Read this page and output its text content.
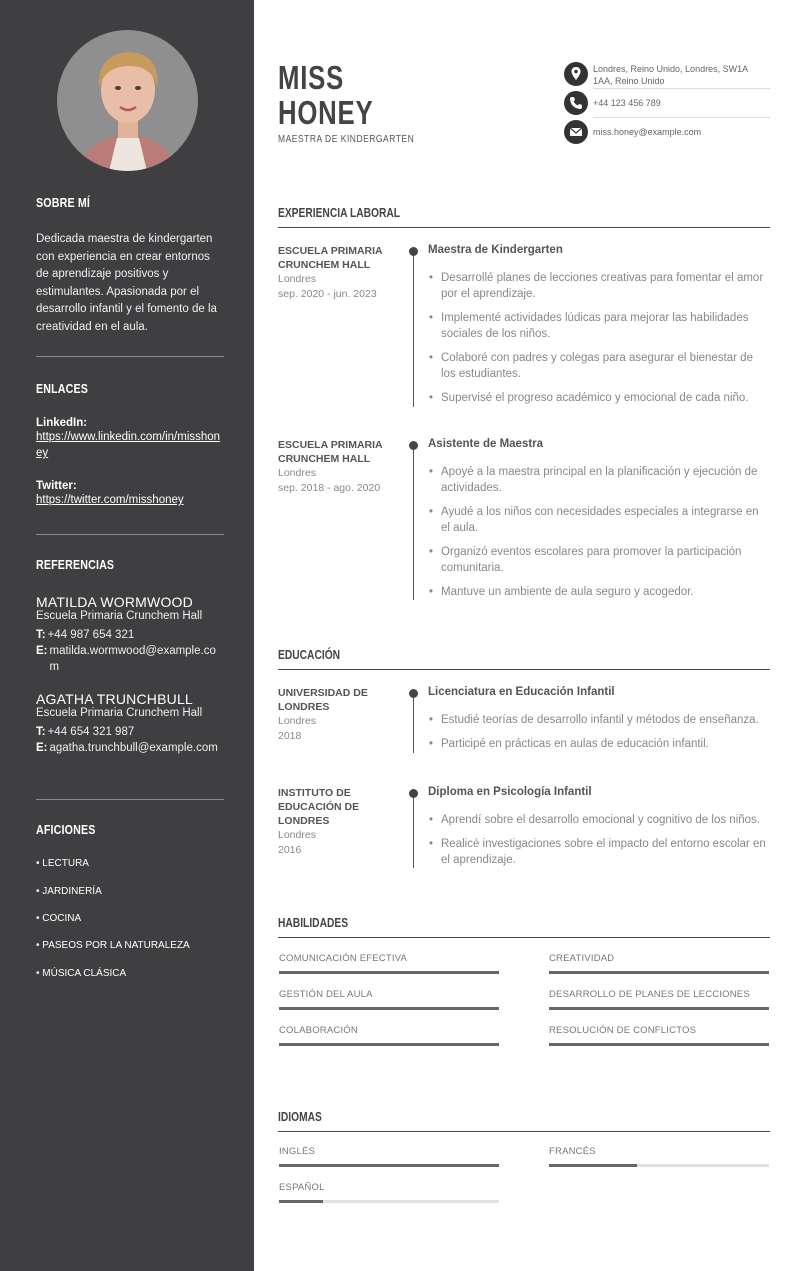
SOBRE MÍ

Dedicada maestra de kindergarten con experiencia en crear entornos de aprendizaje positivos y estimulantes. Apasionada por el desarrollo infantil y el fomento de la creatividad en el aula.

ENLACES
LinkedIn:
https://www.linkedin.com/in/misshoney
Twitter:
https://twitter.com/misshoney
REFERENCIAS
MATILDA WORMWOOD
Escuela Primaria Crunchem Hall
T: +44 987 654 321
E: matilda.wormwood@example.com
AGATHA TRUNCHBULL
Escuela Primaria Crunchem Hall
T: +44 654 321 987
E: agatha.trunchbull@example.com
AFICIONES
• LECTURA
• JARDINERÍA
• COCINA
• PASEOS POR LA NATURALEZA
• MÚSICA CLÁSICA
MISS
HONEY
MAESTRA DE KINDERGARTEN
Londres, Reino Unido, Londres, SW1A 1AA, Reino Unido
+44 123 456 789
miss.honey@example.com
EXPERIENCIA LABORAL
ESCUELA PRIMARIA CRUNCHEM HALL
Londres
sep. 2020 - jun. 2023
Maestra de Kindergarten
• Desarrollé planes de lecciones creativas para fomentar el amor por el aprendizaje.
• Implementé actividades lúdicas para mejorar las habilidades sociales de los niños.
• Colaboré con padres y colegas para asegurar el bienestar de los estudiantes.
• Supervisé el progreso académico y emocional de cada niño.
ESCUELA PRIMARIA CRUNCHEM HALL
Londres
sep. 2018 - ago. 2020
Asistente de Maestra
• Apoyé a la maestra principal en la planificación y ejecución de actividades.
• Ayudé a los niños con necesidades especiales a integrarse en el aula.
• Organizó eventos escolares para promover la participación comunitaria.
• Mantuve un ambiente de aula seguro y acogedor.
EDUCACIÓN
UNIVERSIDAD DE LONDRES
Londres
2018
Licenciatura en Educación Infantil
• Estudié teorías de desarrollo infantil y métodos de enseñanza.
• Participé en prácticas en aulas de educación infantil.
INSTITUTO DE EDUCACIÓN DE LONDRES
Londres
2016
Diploma en Psicología Infantil
• Aprendí sobre el desarrollo emocional y cognitivo de los niños.
• Realicé investigaciones sobre el impacto del entorno escolar en el aprendizaje.
HABILIDADES
COMUNICACIÓN EFECTIVA	CREATIVIDAD
GESTIÓN DEL AULA	DESARROLLO DE PLANES DE LECCIONES
COLABORACIÓN	RESOLUCIÓN DE CONFLICTOS
IDIOMAS
INGLÉS	FRANCÉS
ESPAÑOL
